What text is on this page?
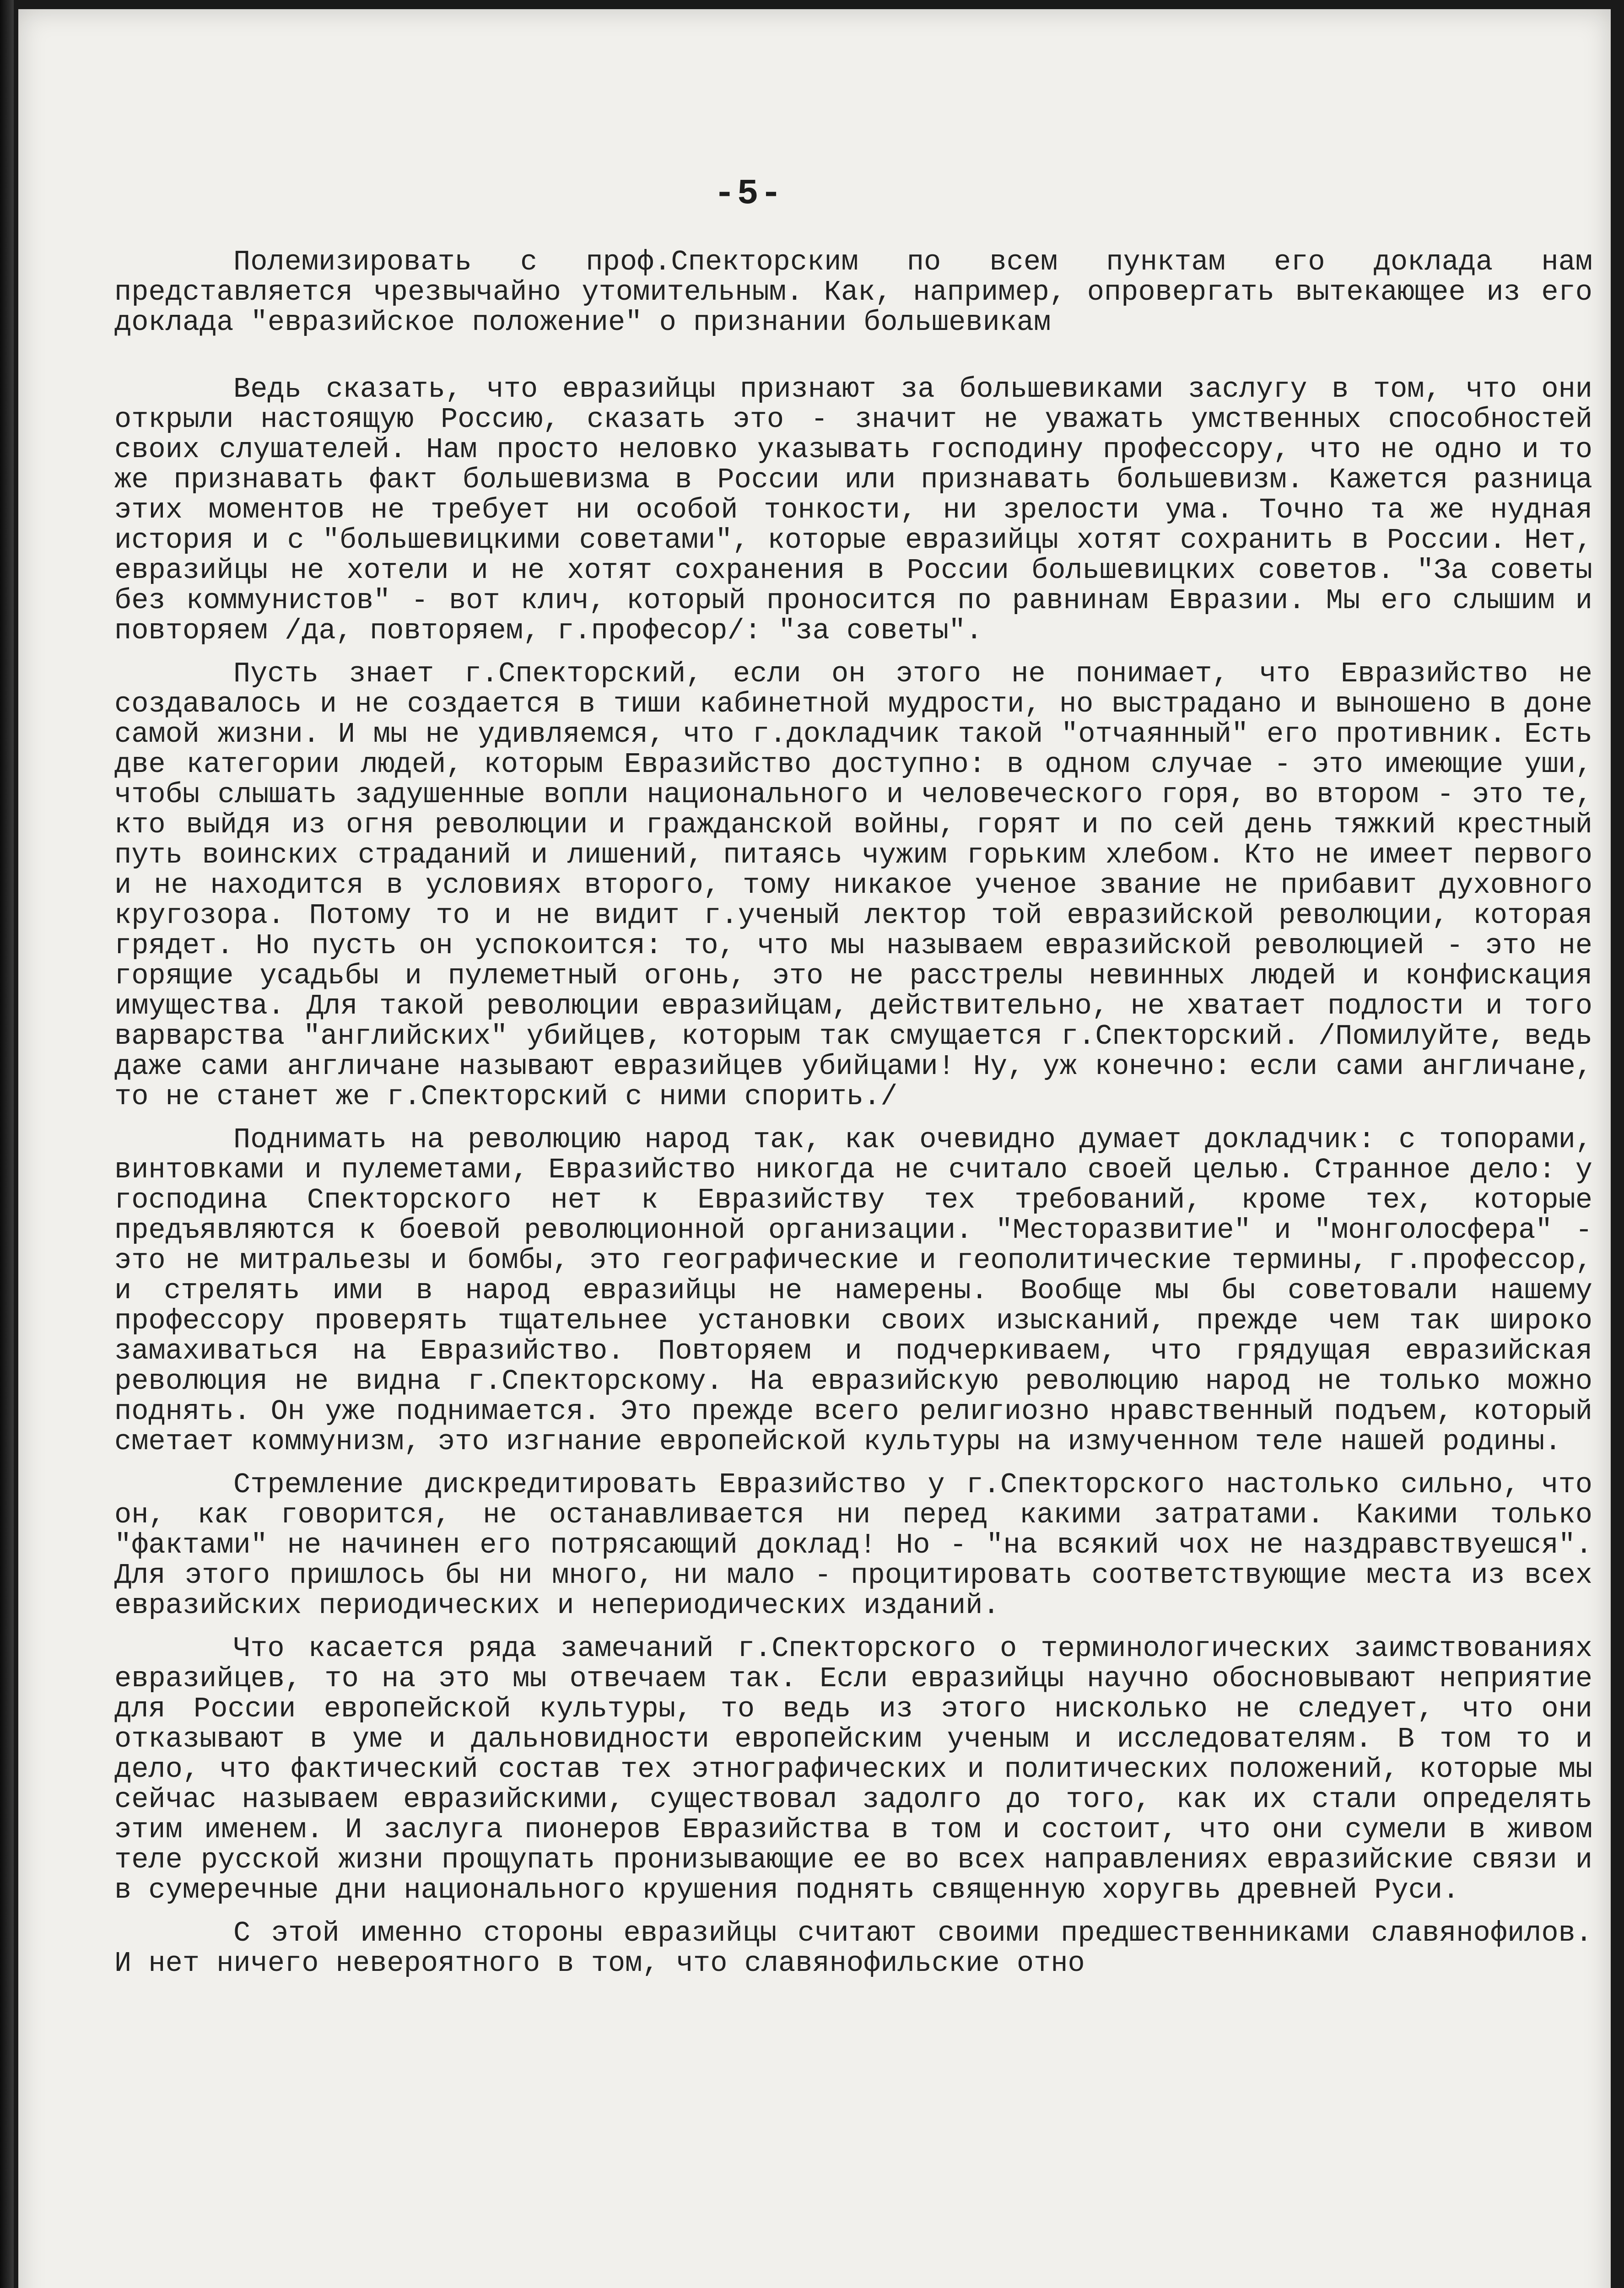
-5-

Полемизировать с проф.Спекторским по всем пунктам его доклада нам представляется чрезвычайно утомительным. Как, например, опровергать вытекающее из его доклада "евразийское положение" о признании большевикам

Ведь сказать, что евразийцы признают за большевиками заслугу в том, что они открыли настоящую Россию, сказать это - значит не уважать умственных способностей своих слушателей. Нам просто неловко указывать господину профессору, что не одно и то же признавать факт большевизма в России или признавать большевизм. Кажется разница этих моментов не требует ни особой тонкости, ни зрелости ума. Точно та же нудная история и с "большевицкими советами", которые евразийцы хотят сохранить в России. Нет, евразийцы не хотели и не хотят сохранения в России большевицких советов. "За советы без коммунистов" - вот клич, который проносится по равнинам Евразии. Мы его слышим и повторяем /да, повторяем, г.професор/: "за советы".

Пусть знает г.Спекторский, если он этого не понимает, что Евразийство не создавалось и не создается в тиши кабинетной мудрости, но выстрадано и выношено в доне самой жизни. И мы не удивляемся, что г.докладчик такой "отчаянный" его противник. Есть две категории людей, которым Евразийство доступно: в одном случае - это имеющие уши, чтобы слышать задушенные вопли национального и человеческого горя, во втором - это те, кто выйдя из огня революции и гражданской войны, горят и по сей день тяжкий крестный путь воинских страданий и лишений, питаясь чужим горьким хлебом. Кто не имеет первого и не находится в условиях второго, тому никакое ученое звание не прибавит духовного кругозора. Потому то и не видит г.ученый лектор той евразийской революции, которая грядет. Но пусть он успокоится: то, что мы называем евразийской революцией - это не горящие усадьбы и пулеметный огонь, это не расстрелы невинных людей и конфискация имущества. Для такой революции евразийцам, действительно, не хватает подлости и того варварства "английских" убийцев, которым так смущается г.Спекторский. /Помилуйте, ведь даже сами англичане называют евразийцев убийцами! Ну, уж конечно: если сами англичане, то не станет же г.Спекторский с ними спорить./

Поднимать на революцию народ так, как очевидно думает докладчик: с топорами, винтовками и пулеметами, Евразийство никогда не считало своей целью. Странное дело: у господина Спекторского нет к Евразийству тех требований, кроме тех, которые предъявляются к боевой революционной организации. "Месторазвитие" и "монголосфера" - это не митральезы и бомбы, это географические и геополитические термины, г.профессор, и стрелять ими в народ евразийцы не намерены. Вообще мы бы советовали нашему профессору проверять тщательнее установки своих изысканий, прежде чем так широко замахиваться на Евразийство. Повторяем и подчеркиваем, что грядущая евразийская революция не видна г.Спекторскому. На евразийскую революцию народ не только можно поднять. Он уже поднимается. Это прежде всего религиозно нравственный подъем, который сметает коммунизм, это изгнание европейской культуры на измученном теле нашей родины.

Стремление дискредитировать Евразийство у г.Спекторского настолько сильно, что он, как говорится, не останавливается ни перед какими затратами. Какими только "фактами" не начинен его потрясающий доклад! Но - "на всякий чох не наздравствуешся". Для этого пришлось бы ни много, ни мало - процитировать соответствующие места из всех евразийских периодических и непериодических изданий.

Что касается ряда замечаний г.Спекторского о терминологических заимствованиях евразийцев, то на это мы отвечаем так. Если евразийцы научно обосновывают неприятие для России европейской культуры, то ведь из этого нисколько не следует, что они отказывают в уме и дальновидности европейским ученым и исследователям. В том то и дело, что фактический состав тех этнографических и политических положений, которые мы сейчас называем евразийскими, существовал задолго до того, как их стали определять этим именем. И заслуга пионеров Евразийства в том и состоит, что они сумели в живом теле русской жизни прощупать пронизывающие ее во всех направлениях евразийские связи и в сумеречные дни национального крушения поднять священную хоругвь древней Руси.

С этой именно стороны евразийцы считают своими предшественниками славянофилов. И нет ничего невероятного в том, что славянофильские отно
